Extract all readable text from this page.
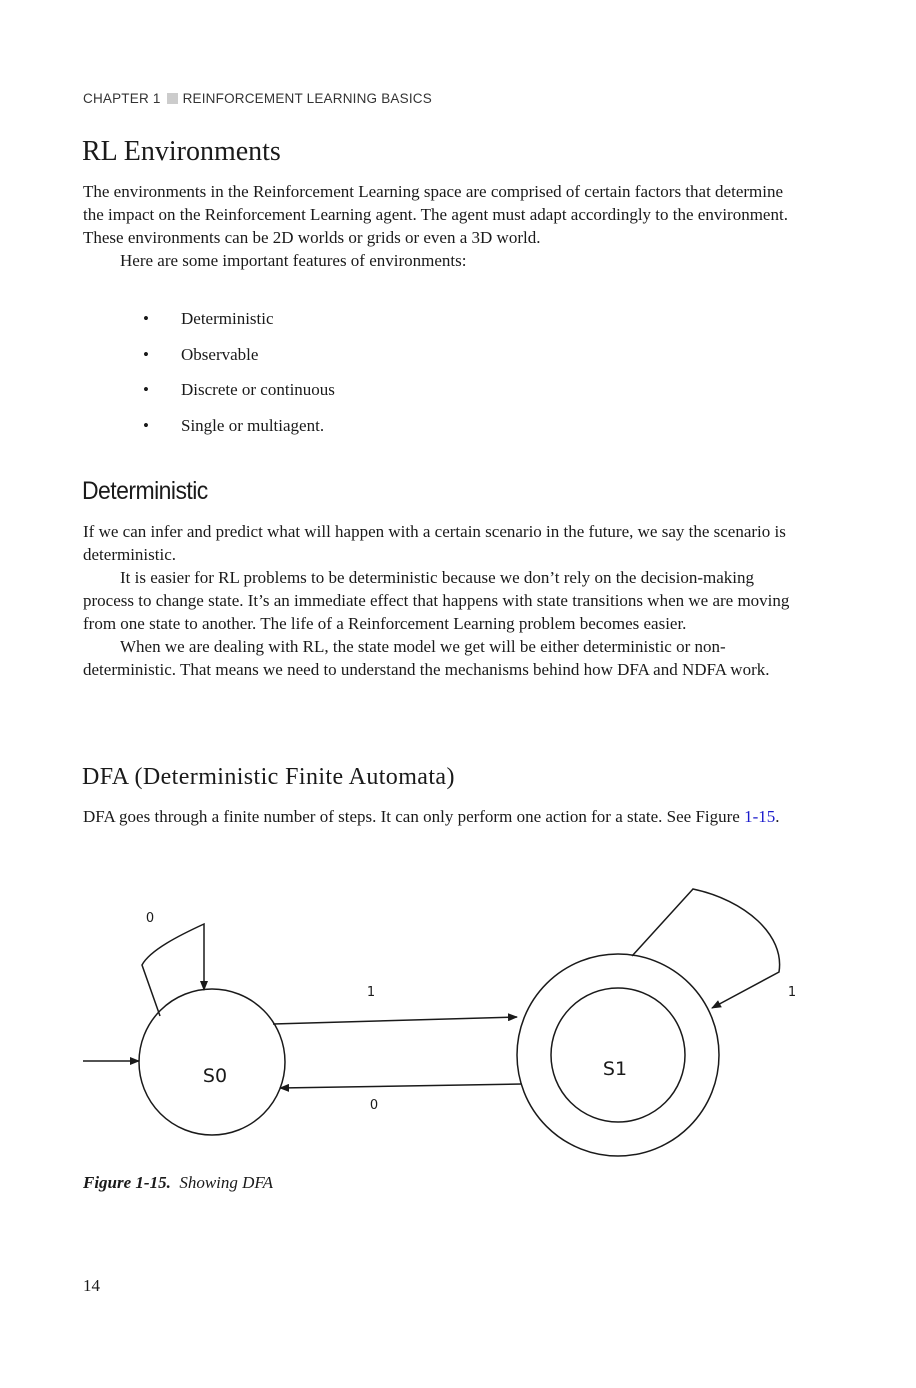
CHAPTER 1 REINFORCEMENT LEARNING BASICS
RL Environments

The environments in the Reinforcement Learning space are comprised of certain factors that determine the impact on the Reinforcement Learning agent. The agent must adapt accordingly to the environment. These environments can be 2D worlds or grids or even a 3D world.

Here are some important features of environments:

• Deterministic
• Observable
• Discrete or continuous
• Single or multiagent.
Deterministic

If we can infer and predict what will happen with a certain scenario in the future, we say the scenario is deterministic.

It is easier for RL problems to be deterministic because we don’t rely on the decision-making process to change state. It’s an immediate effect that happens with state transitions when we are moving from one state to another. The life of a Reinforcement Learning problem becomes easier.

When we are dealing with RL, the state model we get will be either deterministic or non-deterministic. That means we need to understand the mechanisms behind how DFA and NDFA work.

DFA (Deterministic Finite Automata)

DFA goes through a finite number of steps. It can only perform one action for a state. See Figure 1-15.

S0	S1
0
1
0
1
Figure 1-15. Showing DFA
14
